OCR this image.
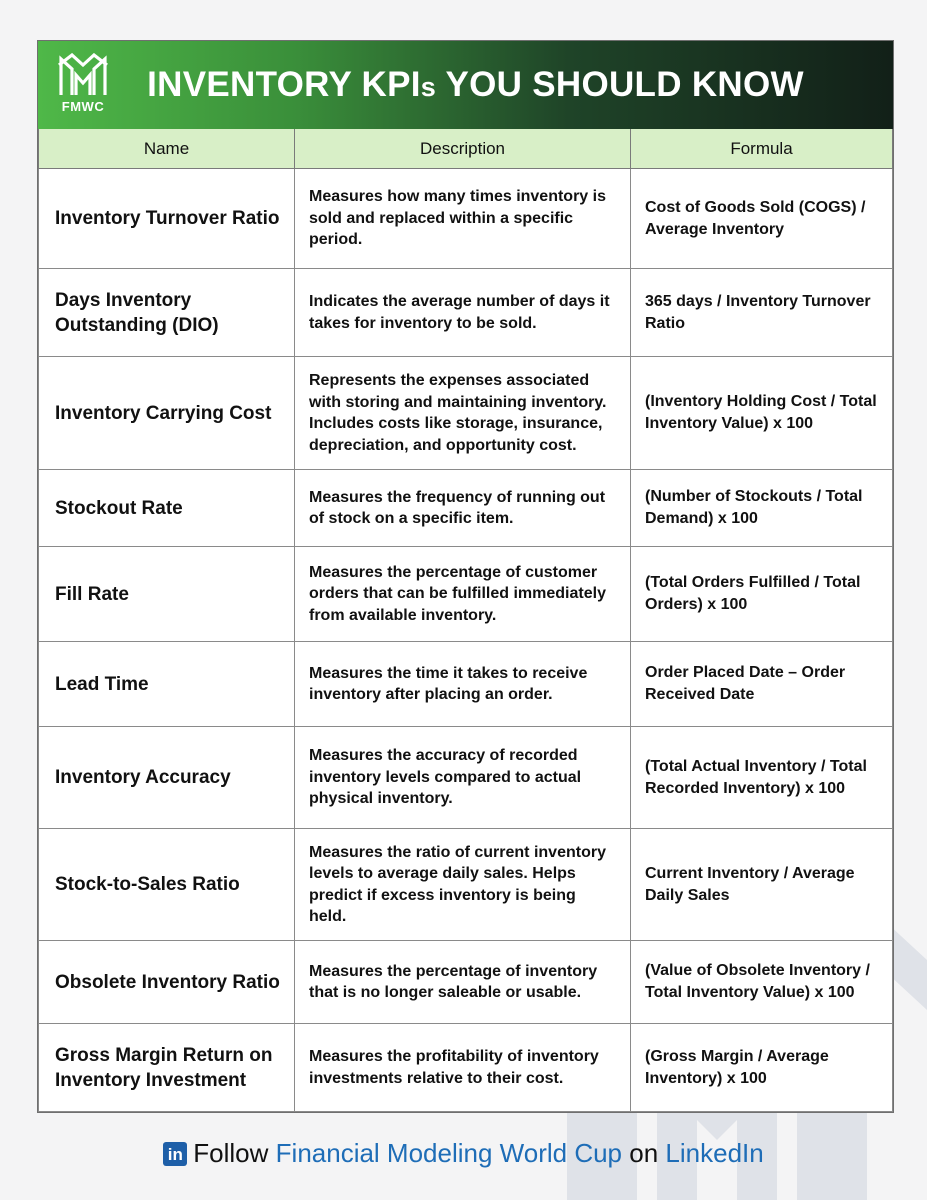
FMWC
INVENTORY KPIs YOU SHOULD KNOW
Name	Description	Formula
Inventory Turnover Ratio	Measures how many times inventory is sold and replaced within a specific period.	Cost of Goods Sold (COGS) / Average Inventory
Days Inventory Outstanding (DIO)	Indicates the average number of days it takes for inventory to be sold.	365 days / Inventory Turnover Ratio
Inventory Carrying Cost	Represents the expenses associated with storing and maintaining inventory. Includes costs like storage, insurance, depreciation, and opportunity cost.	(Inventory Holding Cost / Total Inventory Value) x 100
Stockout Rate	Measures the frequency of running out of stock on a specific item.	(Number of Stockouts / Total Demand) x 100
Fill Rate	Measures the percentage of customer orders that can be fulfilled immediately from available inventory.	(Total Orders Fulfilled / Total Orders) x 100
Lead Time	Measures the time it takes to receive inventory after placing an order.	Order Placed Date – Order Received Date
Inventory Accuracy	Measures the accuracy of recorded inventory levels compared to actual physical inventory.	(Total Actual Inventory / Total Recorded Inventory) x 100
Stock-to-Sales Ratio	Measures the ratio of current inventory levels to average daily sales. Helps predict if excess inventory is being held.	Current Inventory / Average Daily Sales
Obsolete Inventory Ratio	Measures the percentage of inventory that is no longer saleable or usable.	(Value of Obsolete Inventory / Total Inventory Value) x 100
Gross Margin Return on Inventory Investment	Measures the profitability of inventory investments relative to their cost.	(Gross Margin / Average Inventory) x 100
in Follow Financial Modeling World Cup on LinkedIn
